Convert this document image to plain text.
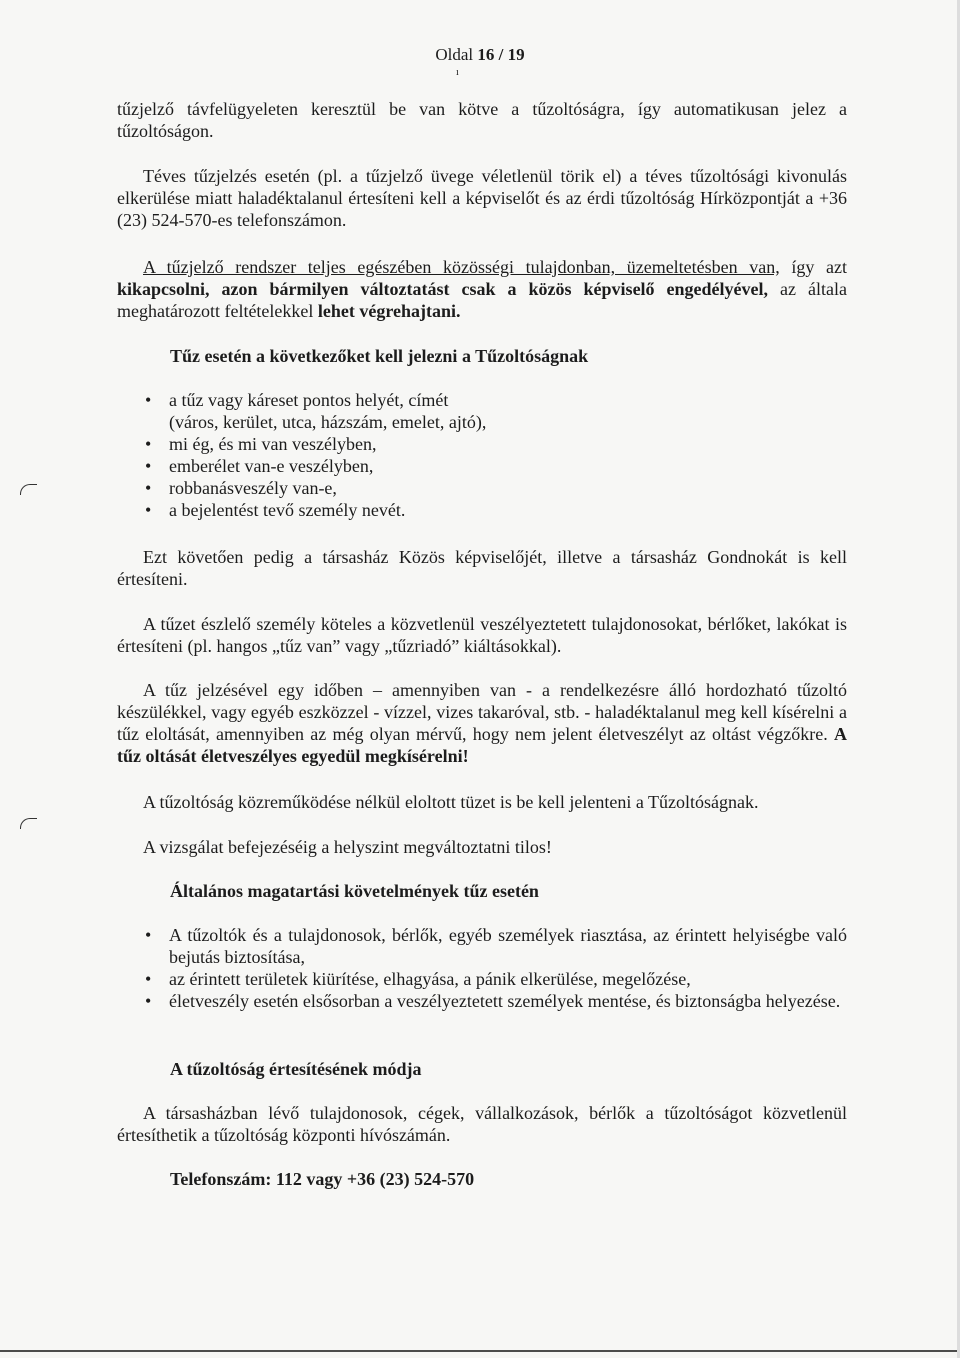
Oldal 16 / 19
ı
tűzjelző távfelügyeleten keresztül be van kötve a tűzoltóságra, így automatikusan jelez a tűzoltóságon.
Téves tűzjelzés esetén (pl. a tűzjelző üvege véletlenül törik el) a téves tűzoltósági kivonulás elkerülése miatt haladéktalanul értesíteni kell a képviselőt és az érdi tűzoltóság Hírközpontját a +36 (23) 524-570-es telefonszámon.
A tűzjelző rendszer teljes egészében közösségi tulajdonban, üzemeltetésben van, így azt kikapcsolni, azon bármilyen változtatást csak a közös képviselő engedélyével, az általa meghatározott feltételekkel lehet végrehajtani.
Tűz esetén a következőket kell jelezni a Tűzoltóságnak
• a tűz vagy káreset pontos helyét, címét
(város, kerület, utca, házszám, emelet, ajtó),
• mi ég, és mi van veszélyben,
• emberélet van-e veszélyben,
• robbanásveszély van-e,
• a bejelentést tevő személy nevét.
Ezt követően pedig a társasház Közös képviselőjét, illetve a társasház Gondnokát is kell értesíteni.
A tűzet észlelő személy köteles a közvetlenül veszélyeztetett tulajdonosokat, bérlőket, lakókat is értesíteni (pl. hangos „tűz van” vagy „tűzriadó” kiáltásokkal).
A tűz jelzésével egy időben – amennyiben van - a rendelkezésre álló hordozható tűzoltó készülékkel, vagy egyéb eszközzel - vízzel, vizes takaróval, stb. - haladéktalanul meg kell kísérelni a tűz eloltását, amennyiben az még olyan mérvű, hogy nem jelent életveszélyt az oltást végzőkre. A tűz oltását életveszélyes egyedül megkísérelni!
A tűzoltóság közreműködése nélkül eloltott tüzet is be kell jelenteni a Tűzoltóságnak.
A vizsgálat befejezéséig a helyszint megváltoztatni tilos!
Általános magatartási követelmények tűz esetén
• A tűzoltók és a tulajdonosok, bérlők, egyéb személyek riasztása, az érintett helyiségbe való bejutás biztosítása,
• az érintett területek kiürítése, elhagyása, a pánik elkerülése, megelőzése,
• életveszély esetén elsősorban a veszélyeztetett személyek mentése, és biztonságba helyezése.
A tűzoltóság értesítésének módja
A társasházban lévő tulajdonosok, cégek, vállalkozások, bérlők a tűzoltóságot közvetlenül értesíthetik a tűzoltóság központi hívószámán.
Telefonszám: 112 vagy +36 (23) 524-570
